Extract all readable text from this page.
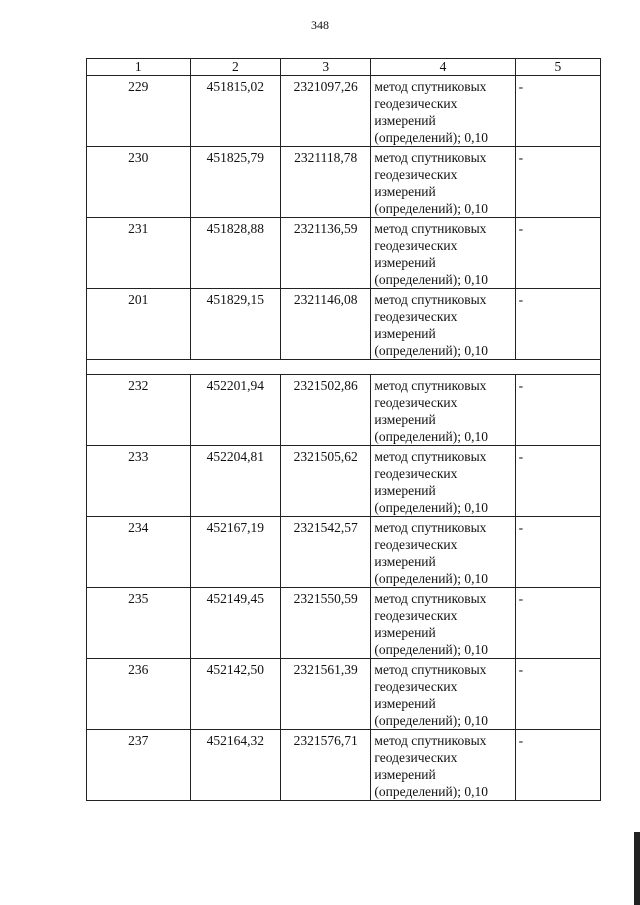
348
1	2	3	4	5
229	451815,02	2321097,26	метод спутниковых
геодезических
измерений
(определений); 0,10	-
230	451825,79	2321118,78	метод спутниковых
геодезических
измерений
(определений); 0,10	-
231	451828,88	2321136,59	метод спутниковых
геодезических
измерений
(определений); 0,10	-
201	451829,15	2321146,08	метод спутниковых
геодезических
измерений
(определений); 0,10	-

232	452201,94	2321502,86	метод спутниковых
геодезических
измерений
(определений); 0,10	-
233	452204,81	2321505,62	метод спутниковых
геодезических
измерений
(определений); 0,10	-
234	452167,19	2321542,57	метод спутниковых
геодезических
измерений
(определений); 0,10	-
235	452149,45	2321550,59	метод спутниковых
геодезических
измерений
(определений); 0,10	-
236	452142,50	2321561,39	метод спутниковых
геодезических
измерений
(определений); 0,10	-
237	452164,32	2321576,71	метод спутниковых
геодезических
измерений
(определений); 0,10	-
